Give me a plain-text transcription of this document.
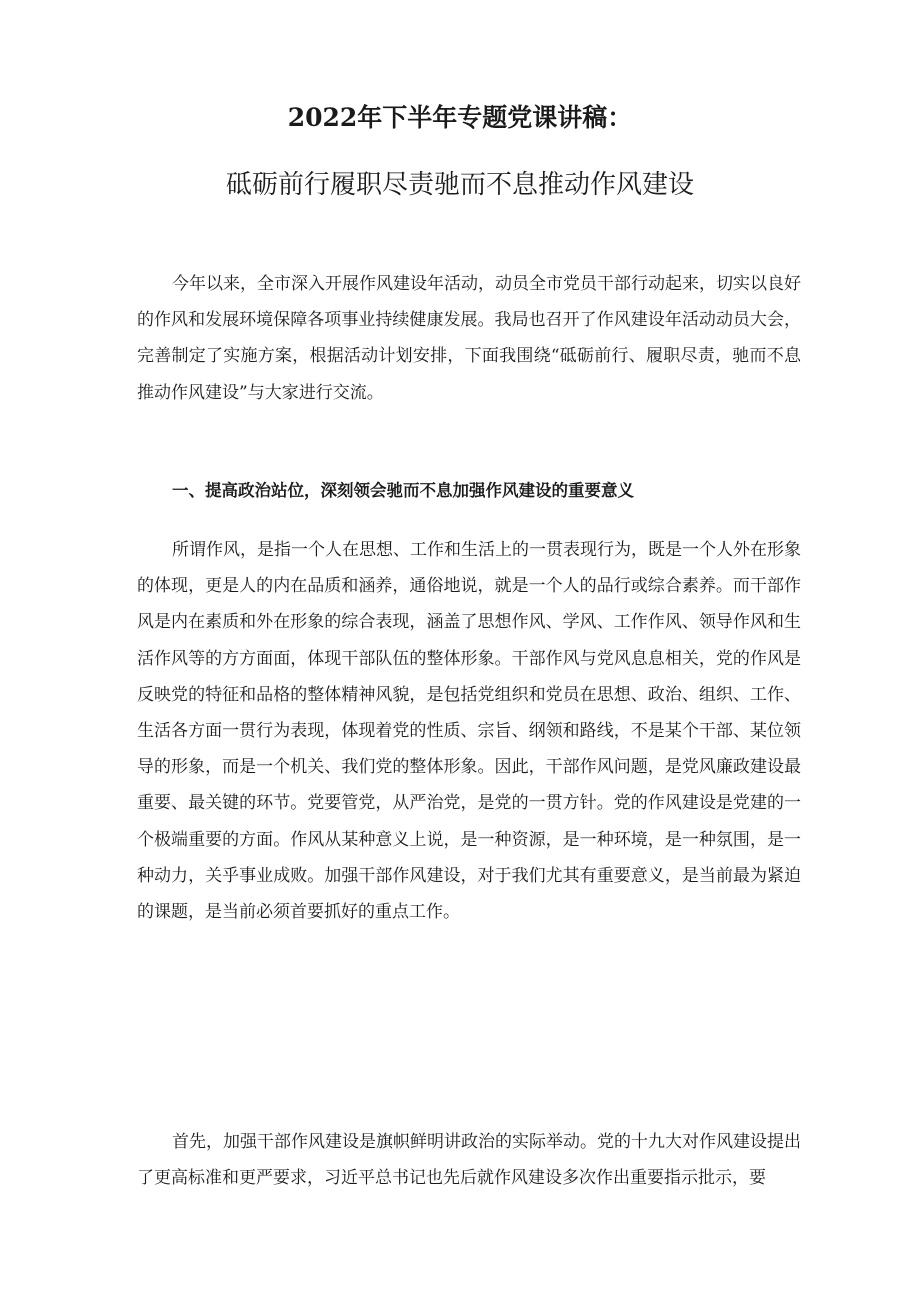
2022年下半年专题党课讲稿：
砥砺前行履职尽责驰而不息推动作风建设

今年以来，全市深入开展作风建设年活动，动员全市党员干部行动起来，切实以良好的作风和发展环境保障各项事业持续健康发展。我局也召开了作风建设年活动动员大会，完善制定了实施方案，根据活动计划安排，下面我围绕“砥砺前行、履职尽责，驰而不息推动作风建设”与大家进行交流。

一、提高政治站位，深刻领会驰而不息加强作风建设的重要意义

所谓作风，是指一个人在思想、工作和生活上的一贯表现行为，既是一个人外在形象的体现，更是人的内在品质和涵养，通俗地说，就是一个人的品行或综合素养。而干部作风是内在素质和外在形象的综合表现，涵盖了思想作风、学风、工作作风、领导作风和生活作风等的方方面面，体现干部队伍的整体形象。干部作风与党风息息相关，党的作风是反映党的特征和品格的整体精神风貌，是包括党组织和党员在思想、政治、组织、工作、生活各方面一贯行为表现，体现着党的性质、宗旨、纲领和路线，不是某个干部、某位领导的形象，而是一个机关、我们党的整体形象。因此，干部作风问题，是党风廉政建设最重要、最关键的环节。党要管党，从严治党，是党的一贯方针。党的作风建设是党建的一个极端重要的方面。作风从某种意义上说，是一种资源，是一种环境，是一种氛围，是一种动力，关乎事业成败。加强干部作风建设，对于我们尤其有重要意义，是当前最为紧迫的课题，是当前必须首要抓好的重点工作。

首先，加强干部作风建设是旗帜鲜明讲政治的实际举动。党的十九大对作风建设提出了更高标准和更严要求，习近平总书记也先后就作风建设多次作出重要指示批示，要
